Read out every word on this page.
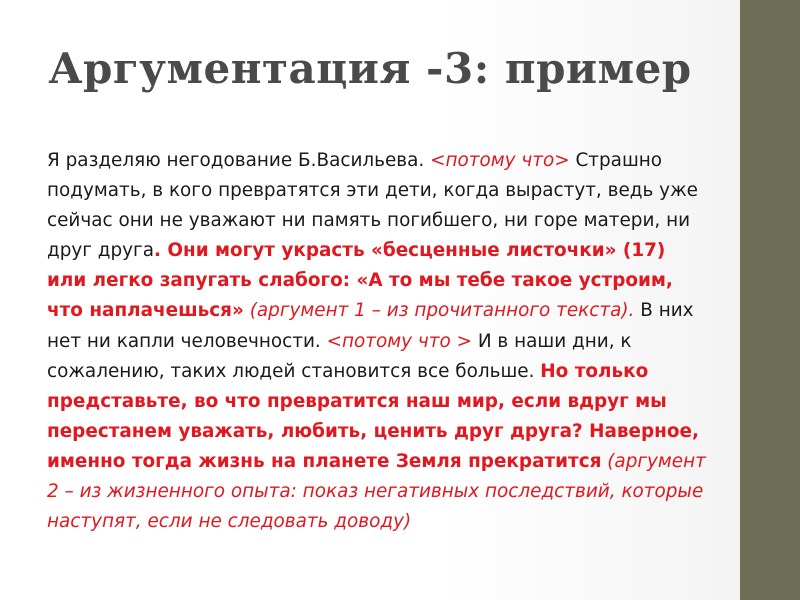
Аргументация -3: пример

Я разделяю негодование Б.Васильева. <потому что> Страшно подумать, в кого превратятся эти дети, когда вырастут, ведь уже сейчас они не уважают ни память погибшего, ни горе матери, ни друг друга. Они могут украсть «бесценные листочки» (17) или легко запугать слабого: «А то мы тебе такое устроим, что наплачешься» (аргумент 1 – из прочитанного текста). В них нет ни капли человечности. <потому что > И в наши дни, к сожалению, таких людей становится все больше. Но только представьте, во что превратится наш мир, если вдруг мы перестанем уважать, любить, ценить друг друга? Наверное, именно тогда жизнь на планете Земля прекратится (аргумент 2 – из жизненного опыта: показ негативных последствий, которые наступят, если не следовать доводу)
